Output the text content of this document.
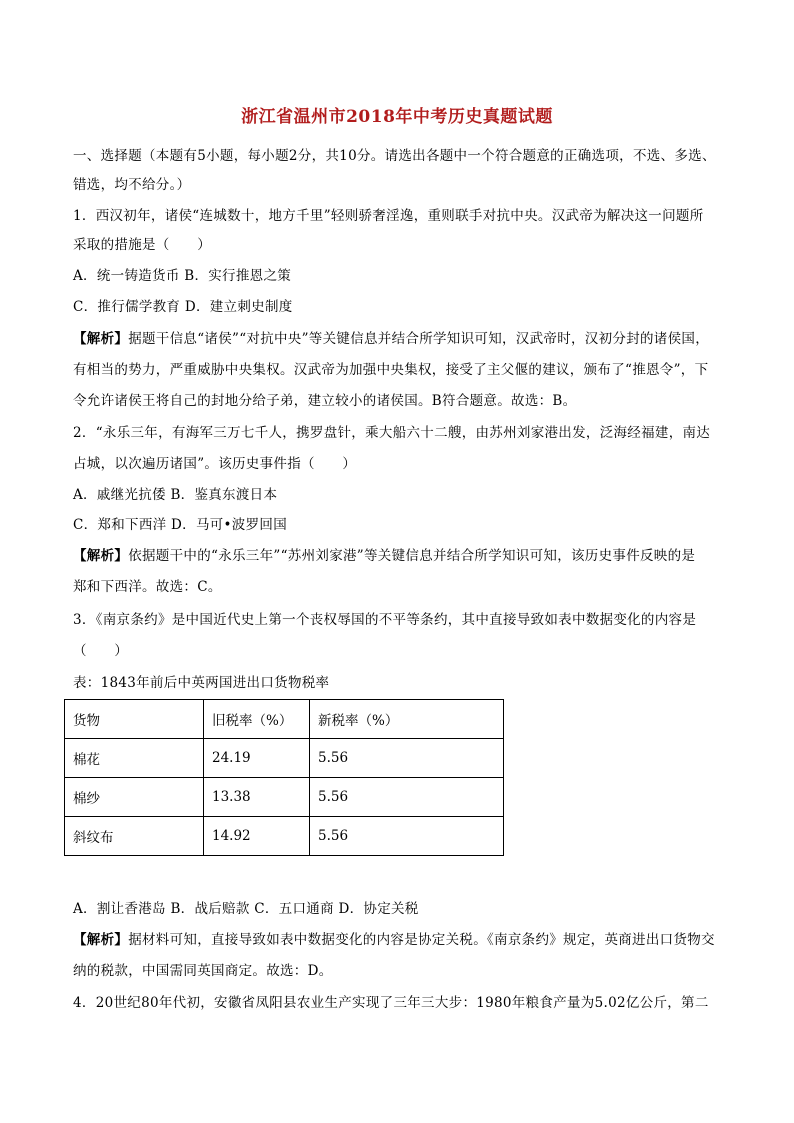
浙江省温州市2018年中考历史真题试题
一、选择题（本题有5小题，每小题2分，共10分。请选出各题中一个符合题意的正确选项，不选、多选、
错选，均不给分。）
1．西汉初年，诸侯“连城数十，地方千里”轻则骄奢淫逸，重则联手对抗中央。汉武帝为解决这一问题所
采取的措施是（　　）
A．统一铸造货币 B．实行推恩之策
C．推行儒学教育 D．建立刺史制度
【解析】据题干信息“诸侯”“对抗中央”等关键信息并结合所学知识可知，汉武帝时，汉初分封的诸侯国，
有相当的势力，严重威胁中央集权。汉武帝为加强中央集权，接受了主父偃的建议，颁布了“推恩令”，下
令允许诸侯王将自己的封地分给子弟，建立较小的诸侯国。B符合题意。故选：B。
2．“永乐三年，有海军三万七千人，携罗盘针，乘大船六十二艘，由苏州刘家港出发，泛海经福建，南达
占城，以次遍历诸国”。该历史事件指（　　）
A．戚继光抗倭 B．鉴真东渡日本
C．郑和下西洋 D．马可•波罗回国
【解析】依据题干中的“永乐三年”“苏州刘家港”等关键信息并结合所学知识可知，该历史事件反映的是
郑和下西洋。故选：C。
3．《南京条约》是中国近代史上第一个丧权辱国的不平等条约，其中直接导致如表中数据变化的内容是
（　　）
表：1843年前后中英两国进出口货物税率
货物	旧税率（%）	新税率（%）
棉花	24.19	5.56
棉纱	13.38	5.56
斜纹布	14.92	5.56
A．割让香港岛 B．战后赔款 C．五口通商 D．协定关税
【解析】据材料可知，直接导致如表中数据变化的内容是协定关税。《南京条约》规定，英商进出口货物交
纳的税款，中国需同英国商定。故选：D。
4．20世纪80年代初，安徽省凤阳县农业生产实现了三年三大步：1980年粮食产量为5.02亿公斤，第二
